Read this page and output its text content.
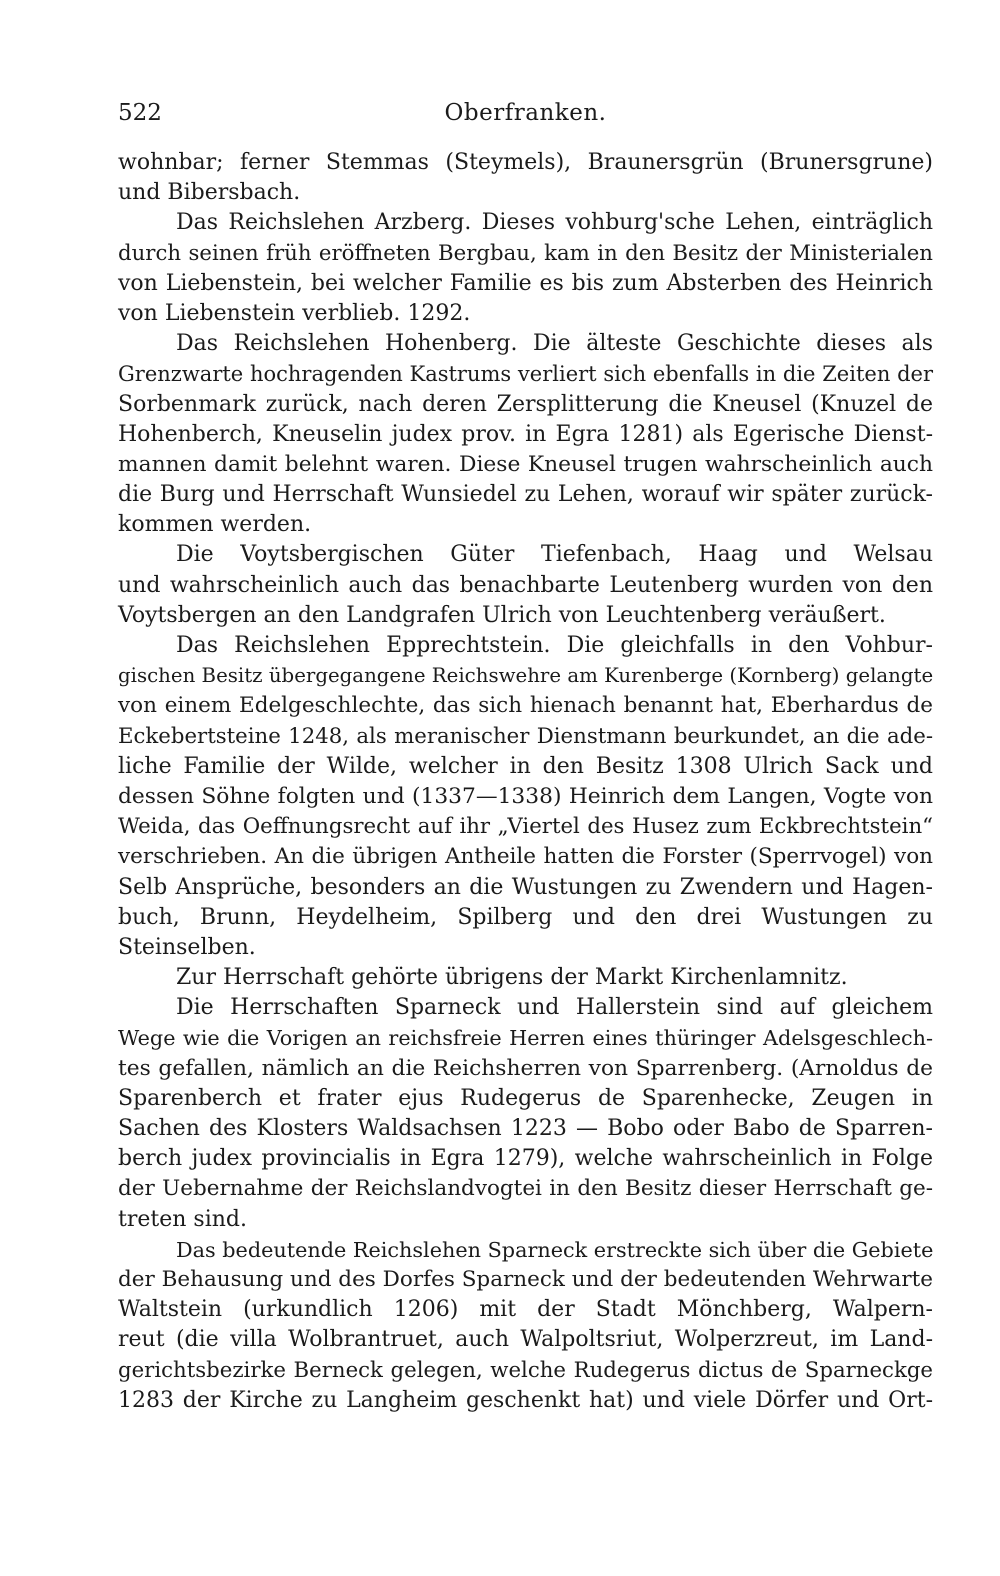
522	Oberfranken.
wohnbar; ferner Stemmas (Steymels), Braunersgrün (Brunersgrune)
und Bibersbach.
Das Reichslehen Arzberg. Dieses vohburg'sche Lehen, einträglich
durch seinen früh eröffneten Bergbau, kam in den Besitz der Ministerialen
von Liebenstein, bei welcher Familie es bis zum Absterben des Heinrich
von Liebenstein verblieb. 1292.
Das Reichslehen Hohenberg. Die älteste Geschichte dieses als
Grenzwarte hochragenden Kastrums verliert sich ebenfalls in die Zeiten der
Sorbenmark zurück, nach deren Zersplitterung die Kneusel (Knuzel de
Hohenberch, Kneuselin judex prov. in Egra 1281) als Egerische Dienst-
mannen damit belehnt waren. Diese Kneusel trugen wahrscheinlich auch
die Burg und Herrschaft Wunsiedel zu Lehen, worauf wir später zurück-
kommen werden.
Die Voytsbergischen Güter Tiefenbach, Haag und Welsau
und wahrscheinlich auch das benachbarte Leutenberg wurden von den
Voytsbergen an den Landgrafen Ulrich von Leuchtenberg veräußert.
Das Reichslehen Epprechtstein. Die gleichfalls in den Vohbur-
gischen Besitz übergegangene Reichswehre am Kurenberge (Kornberg) gelangte
von einem Edelgeschlechte, das sich hienach benannt hat, Eberhardus de
Eckebertsteine 1248, als meranischer Dienstmann beurkundet, an die ade-
liche Familie der Wilde, welcher in den Besitz 1308 Ulrich Sack und
dessen Söhne folgten und (1337—1338) Heinrich dem Langen, Vogte von
Weida, das Oeffnungsrecht auf ihr „Viertel des Husez zum Eckbrechtstein“
verschrieben. An die übrigen Antheile hatten die Forster (Sperrvogel) von
Selb Ansprüche, besonders an die Wustungen zu Zwendern und Hagen-
buch, Brunn, Heydelheim, Spilberg und den drei Wustungen zu
Steinselben.
Zur Herrschaft gehörte übrigens der Markt Kirchenlamnitz.
Die Herrschaften Sparneck und Hallerstein sind auf gleichem
Wege wie die Vorigen an reichsfreie Herren eines thüringer Adelsgeschlech-
tes gefallen, nämlich an die Reichsherren von Sparrenberg. (Arnoldus de
Sparenberch et frater ejus Rudegerus de Sparenhecke, Zeugen in
Sachen des Klosters Waldsachsen 1223 — Bobo oder Babo de Sparren-
berch judex provincialis in Egra 1279), welche wahrscheinlich in Folge
der Uebernahme der Reichslandvogtei in den Besitz dieser Herrschaft ge-
treten sind.
Das bedeutende Reichslehen Sparneck erstreckte sich über die Gebiete
der Behausung und des Dorfes Sparneck und der bedeutenden Wehrwarte
Waltstein (urkundlich 1206) mit der Stadt Mönchberg, Walpern-
reut (die villa Wolbrantruet, auch Walpoltsriut, Wolperzreut, im Land-
gerichtsbezirke Berneck gelegen, welche Rudegerus dictus de Sparneckge
1283 der Kirche zu Langheim geschenkt hat) und viele Dörfer und Ort-
